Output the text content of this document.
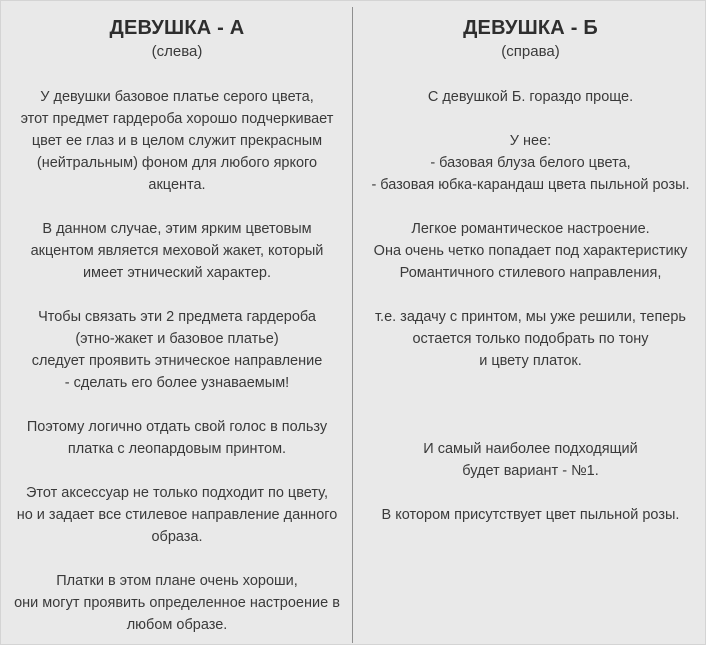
ДЕВУШКА - А
(слева)
У девушки базовое платье серого цвета,
этот предмет гардероба хорошо подчеркивает
цвет ее глаз и в целом служит прекрасным
(нейтральным) фоном для любого яркого
акцента.
В данном случае, этим ярким цветовым
акцентом является меховой жакет, который
имеет этнический характер.
Чтобы связать эти 2 предмета гардероба
(этно-жакет и базовое платье)
следует проявить этническое направление
- сделать его более узнаваемым!
Поэтому логично отдать свой голос в пользу
платка с леопардовым принтом.
Этот аксессуар не только подходит по цвету,
но и задает все стилевое направление данного
образа.
Платки в этом плане очень хороши,
они могут проявить определенное настроение в
любом образе.
ДЕВУШКА - Б
(справа)
С девушкой Б. гораздо проще.
У нее:
- базовая блуза белого цвета,
- базовая юбка-карандаш цвета пыльной розы.
Легкое романтическое настроение.
Она очень четко попадает под характеристику
Романтичного стилевого направления,
т.е. задачу с принтом, мы уже решили, теперь
остается только подобрать по тону
и цвету платок.

И самый наиболее подходящий
будет вариант - №1.
В котором присутствует цвет пыльной розы.
